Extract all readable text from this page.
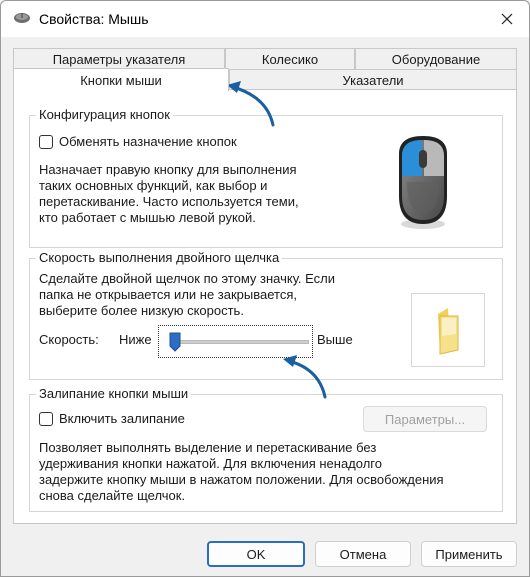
Свойства: Мышь
Параметры указателя	Колесико	Оборудование
Кнопки мыши	Указатели
Конфигурация кнопок
Обменять назначение кнопок
Назначает правую кнопку для выполнения
таких основных функций, как выбор и
перетаскивание. Часто используется теми,
кто работает с мышью левой рукой.
Скорость выполнения двойного щелчка
Сделайте двойной щелчок по этому значку. Если
папка не открывается или не закрывается,
выберите более низкую скорость.
Скорость: Ниже	Выше
Залипание кнопки мыши
Включить залипание	Параметры...
Позволяет выполнять выделение и перетаскивание без
удерживания кнопки нажатой. Для включения ненадолго
задержите кнопку мыши в нажатом положении. Для освобождения
снова сделайте щелчок.
OK	Отмена	Применить
